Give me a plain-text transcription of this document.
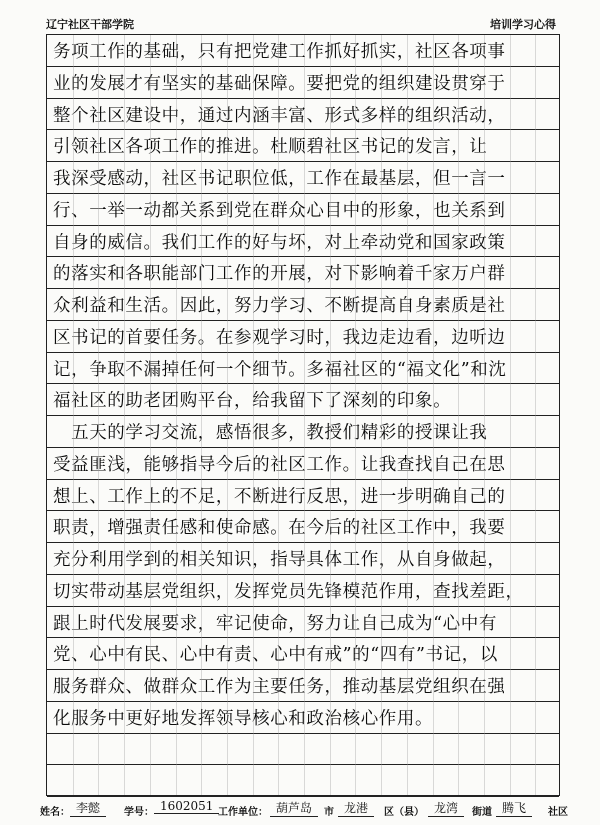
辽宁社区干部学院	培训学习心得
务项工作的基础，只有把党建工作抓好抓实，社区各项事
业的发展才有坚实的基础保障。要把党的组织建设贯穿于
整个社区建设中，通过内涵丰富、形式多样的组织活动，
引领社区各项工作的推进。杜顺碧社区书记的发言，让
我深受感动，社区书记职位低，工作在最基层，但一言一
行、一举一动都关系到党在群众心目中的形象，也关系到
自身的威信。我们工作的好与坏，对上牵动党和国家政策
的落实和各职能部门工作的开展，对下影响着千家万户群
众利益和生活。因此，努力学习、不断提高自身素质是社
区书记的首要任务。在参观学习时，我边走边看，边听边
记，争取不漏掉任何一个细节。多福社区的“福文化”和沈
福社区的助老团购平台，给我留下了深刻的印象。
　五天的学习交流，感悟很多，教授们精彩的授课让我
受益匪浅，能够指导今后的社区工作。让我查找自己在思
想上、工作上的不足，不断进行反思，进一步明确自己的
职责，增强责任感和使命感。在今后的社区工作中，我要
充分利用学到的相关知识，指导具体工作，从自身做起，
切实带动基层党组织，发挥党员先锋模范作用，查找差距，
跟上时代发展要求，牢记使命，努力让自己成为“心中有
党、心中有民、心中有责、心中有戒”的“四有”书记，以
服务群众、做群众工作为主要任务，推动基层党组织在强
化服务中更好地发挥领导核心和政治核心作用。
姓名： 李懿	学号： 1602051 工作单位： 葫芦岛	市 龙港	区（县） 龙湾	街道 腾飞	社区
